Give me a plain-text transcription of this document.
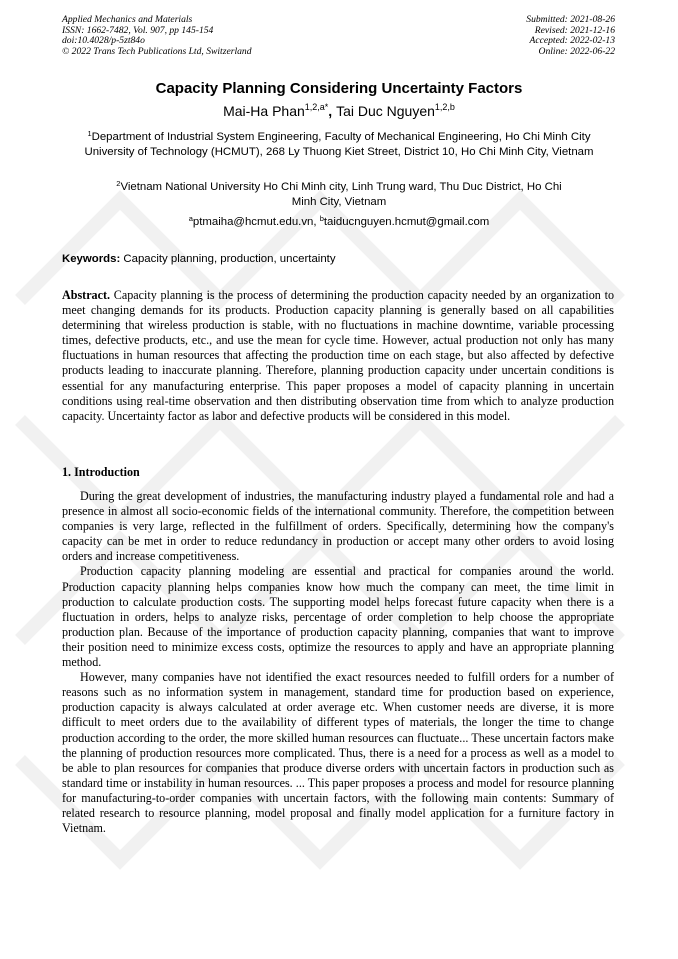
Applied Mechanics and Materials
ISSN: 1662-7482, Vol. 907, pp 145-154
doi:10.4028/p-5zt84o
© 2022 Trans Tech Publications Ltd, Switzerland
Submitted: 2021-08-26
Revised: 2021-12-16
Accepted: 2022-02-13
Online: 2022-06-22
Capacity Planning Considering Uncertainty Factors
Mai-Ha Phan$^{1,2,a*}$, Tai Duc Nguyen$^{1,2,b}$
$^1$Department of Industrial System Engineering, Faculty of Mechanical Engineering, Ho Chi Minh City University of Technology (HCMUT), 268 Ly Thuong Kiet Street, District 10, Ho Chi Minh City, Vietnam
$^2$Vietnam National University Ho Chi Minh city, Linh Trung ward, Thu Duc District, Ho Chi Minh City, Vietnam
$^a$ptmaiha@hcmut.edu.vn, $^b$taiducnguyen.hcmut@gmail.com
Keywords: Capacity planning, production, uncertainty
Abstract. Capacity planning is the process of determining the production capacity needed by an organization to meet changing demands for its products. Production capacity planning is generally based on all capabilities determining that wireless production is stable, with no fluctuations in machine downtime, variable processing times, defective products, etc., and use the mean for cycle time. However, actual production not only has many fluctuations in human resources that affecting the production time on each stage, but also affected by defective products leading to inaccurate planning. Therefore, planning production capacity under uncertain conditions is essential for any manufacturing enterprise. This paper proposes a model of capacity planning in uncertain conditions using real-time observation and then distributing observation time from which to analyze production capacity. Uncertainty factor as labor and defective products will be considered in this model.
1. Introduction

During the great development of industries, the manufacturing industry played a fundamental role and had a presence in almost all socio-economic fields of the international community. Therefore, the competition between companies is very large, reflected in the fulfillment of orders. Specifically, determining how the company's capacity can be met in order to reduce redundancy in production or accept many other orders to avoid losing orders and increase competitiveness.

Production capacity planning modeling are essential and practical for companies around the world. Production capacity planning helps companies know how much the company can meet, the time limit in production to calculate production costs. The supporting model helps forecast future capacity when there is a fluctuation in orders, helps to analyze risks, percentage of order completion to help choose the appropriate production plan. Because of the importance of production capacity planning, companies that want to improve their position need to minimize excess costs, optimize the resources to apply and have an appropriate planning method.

However, many companies have not identified the exact resources needed to fulfill orders for a number of reasons such as no information system in management, standard time for production based on experience, production capacity is always calculated at order average etc. When customer needs are diverse, it is more difficult to meet orders due to the availability of different types of materials, the longer the time to change production according to the order, the more skilled human resources can fluctuate... These uncertain factors make the planning of production resources more complicated. Thus, there is a need for a process as well as a model to be able to plan resources for companies that produce diverse orders with uncertain factors in production such as standard time or instability in human resources. ... This paper proposes a process and model for resource planning for manufacturing-to-order companies with uncertain factors, with the following main contents: Summary of related research to resource planning, model proposal and finally model application for a furniture factory in Vietnam.
